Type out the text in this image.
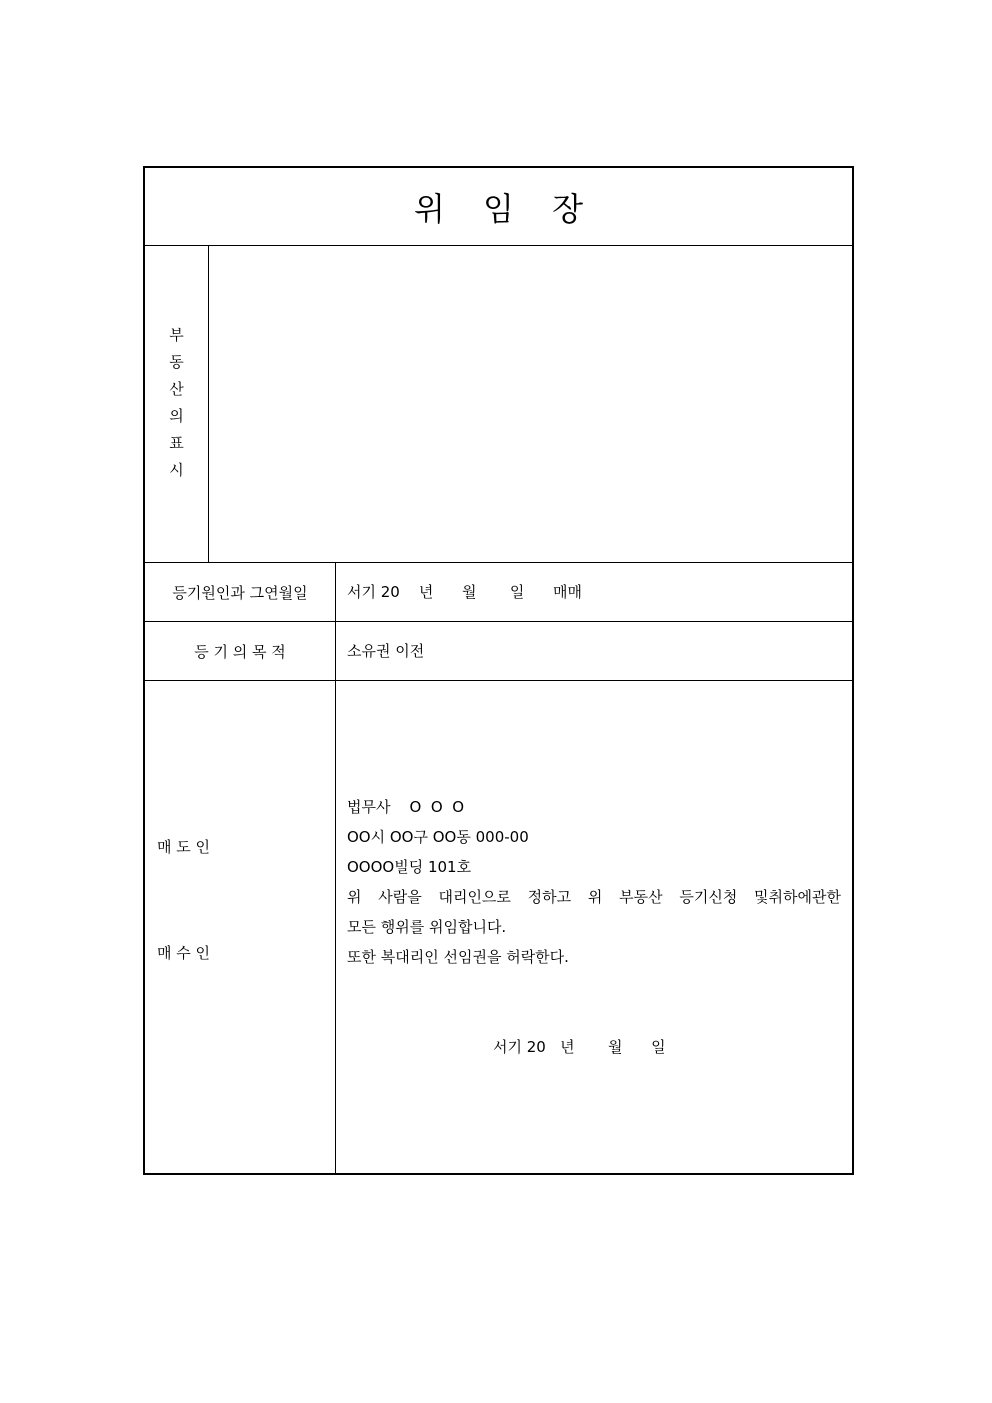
위 임 장
부
동
산
의
표
시
등기원인과 그연월일	서기 20    년      월       일      매매
등 기 의 목 적	소유권 이전
매 도 인
매 수 인
법무사    O  O  O
OO시 OO구 OO동 000-00
OOOO빌딩 101호
위 사람을 대리인으로 정하고 위 부동산 등기신청 및취하에관한
모든 행위를 위임합니다.
또한 복대리인 선임권을 허락한다.
서기 20   년       월      일
